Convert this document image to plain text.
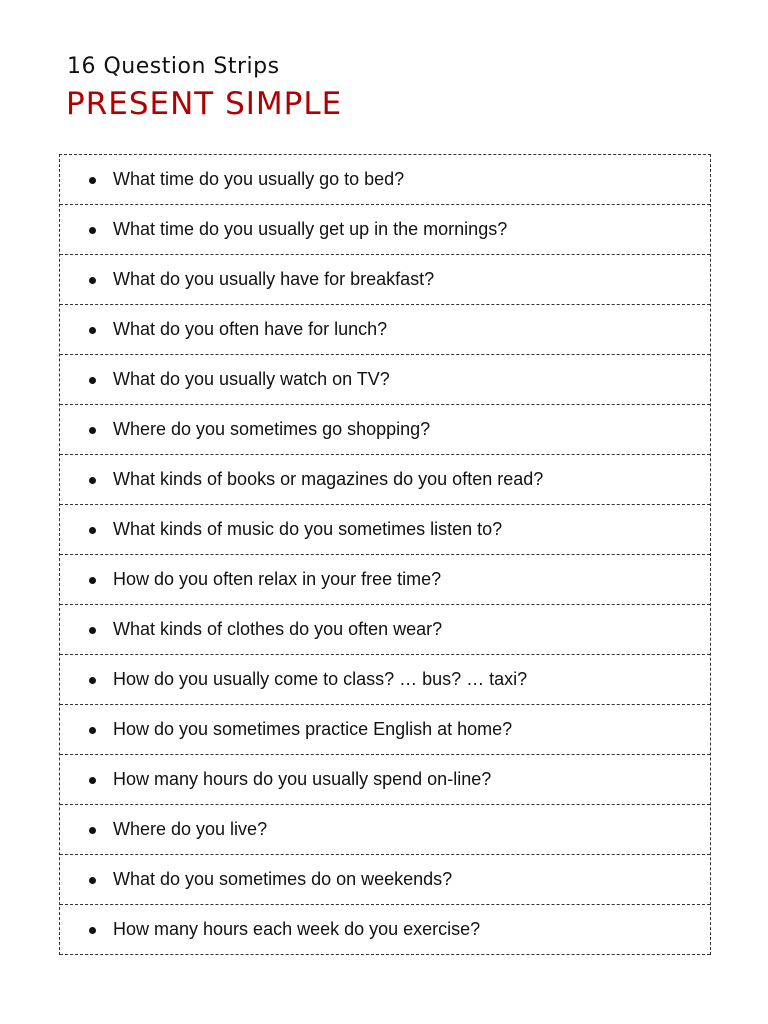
16 Question Strips
PRESENT SIMPLE
What time do you usually go to bed?
What time do you usually get up in the mornings?
What do you usually have for breakfast?
What do you often have for lunch?
What do you usually watch on TV?
Where do you sometimes go shopping?
What kinds of books or magazines do you often read?
What kinds of music do you sometimes listen to?
How do you often relax in your free time?
What kinds of clothes do you often wear?
How do you usually come to class? … bus? … taxi?
How do you sometimes practice English at home?
How many hours do you usually spend on-line?
Where do you live?
What do you sometimes do on weekends?
How many hours each week do you exercise?
